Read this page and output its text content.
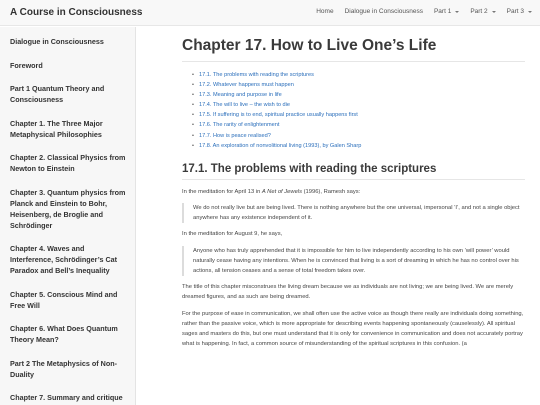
A Course in Consciousness	Home Dialogue in Consciousness Part 1	Part 2	Part 3
Dialogue in Consciousness
Foreword
Part 1 Quantum Theory and Consciousness
Chapter 1. The Three Major Metaphysical Philosophies
Chapter 2. Classical Physics from Newton to Einstein
Chapter 3. Quantum physics from Planck and Einstein to Bohr, Heisenberg, de Broglie and Schrödinger
Chapter 4. Waves and Interference, Schrödinger’s Cat Paradox and Bell’s Inequality
Chapter 5. Conscious Mind and Free Will
Chapter 6. What Does Quantum Theory Mean?
Part 2 The Metaphysics of Non-Duality
Chapter 7. Summary and critique
Chapter 17. How to Live One’s Life
• 17.1. The problems with reading the scriptures
• 17.2. Whatever happens must happen
• 17.3. Meaning and purpose in life
• 17.4. The will to live – the wish to die
• 17.5. If suffering is to end, spiritual practice usually happens first
• 17.6. The rarity of enlightenment
• 17.7. How is peace realised?
• 17.8. An exploration of nonvolitional living (1993), by Galen Sharp
17.1. The problems with reading the scriptures

In the meditation for April 13 in A Net of Jewels (1996), Ramesh says:

We do not really live but are being lived. There is nothing anywhere but the one universal, impersonal ‘I’, and not a single object anywhere has any existence independent of it.

In the meditation for August 9, he says,

Anyone who has truly apprehended that it is impossible for him to live independently according to his own ‘will power’ would naturally cease having any intentions. When he is convinced that living is a sort of dreaming in which he has no control over his actions, all tension ceases and a sense of total freedom takes over.

The title of this chapter misconstrues the living dream because we as individuals are not living; we are being lived. We are merely dreamed figures, and as such are being dreamed.

For the purpose of ease in communication, we shall often use the active voice as though there really are individuals doing something, rather than the passive voice, which is more appropriate for describing events happening spontaneously (causelessly). All spiritual sages and masters do this, but one must understand that it is only for convenience in communication and does not accurately portray what is happening. In fact, a common source of misunderstanding of the spiritual scriptures in this confusion. (a
